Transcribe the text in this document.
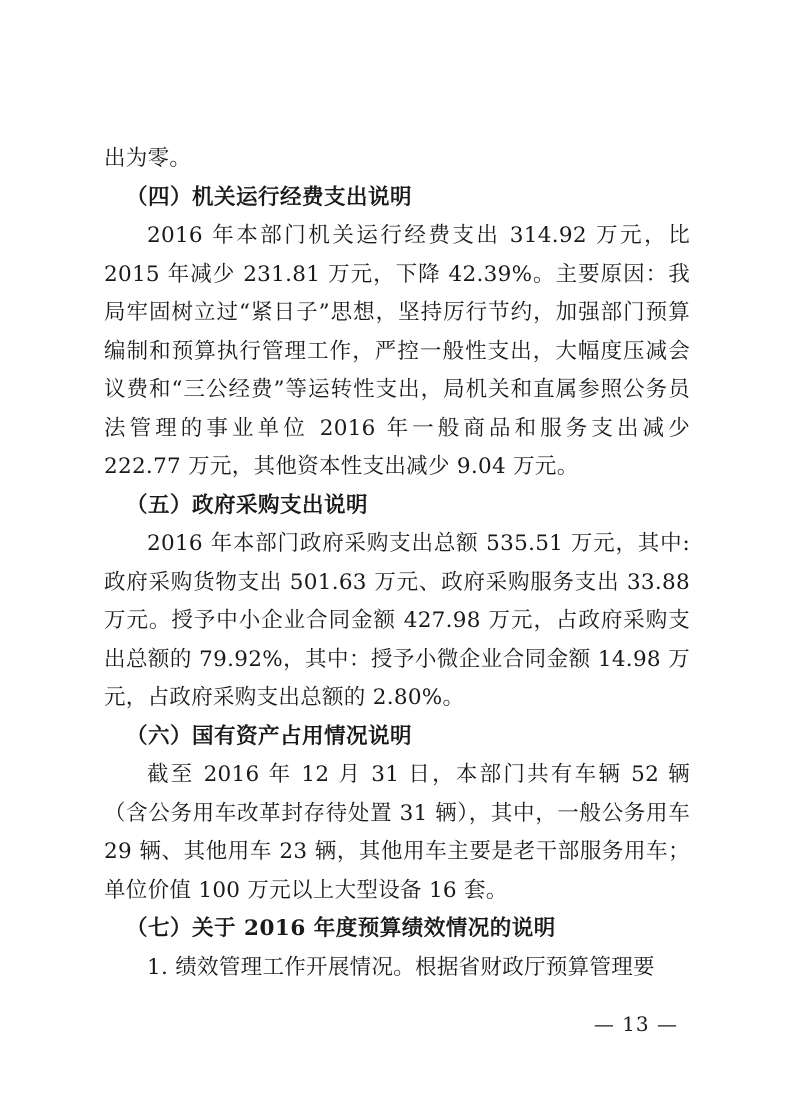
出为零。

（四）机关运行经费支出说明

2016 年本部门机关运行经费支出 314.92 万元，比 2015 年减少 231.81 万元，下降 42.39%。主要原因：我局牢固树立过“紧日子”思想，坚持厉行节约，加强部门预算编制和预算执行管理工作，严控一般性支出，大幅度压减会议费和“三公经费”等运转性支出，局机关和直属参照公务员法管理的事业单位 2016 年一般商品和服务支出减少 222.77 万元，其他资本性支出减少 9.04 万元。

（五）政府采购支出说明

2016 年本部门政府采购支出总额 535.51 万元，其中:政府采购货物支出 501.63 万元、政府采购服务支出 33.88 万元。授予中小企业合同金额 427.98 万元，占政府采购支出总额的 79.92%，其中：授予小微企业合同金额 14.98 万元，占政府采购支出总额的 2.80%。

（六）国有资产占用情况说明

截至 2016 年 12 月 31 日，本部门共有车辆 52 辆（含公务用车改革封存待处置 31 辆），其中，一般公务用车 29 辆、其他用车 23 辆，其他用车主要是老干部服务用车；单位价值 100 万元以上大型设备 16 套。

（七）关于 2016 年度预算绩效情况的说明

1. 绩效管理工作开展情况。根据省财政厅预算管理要

— 13 —
